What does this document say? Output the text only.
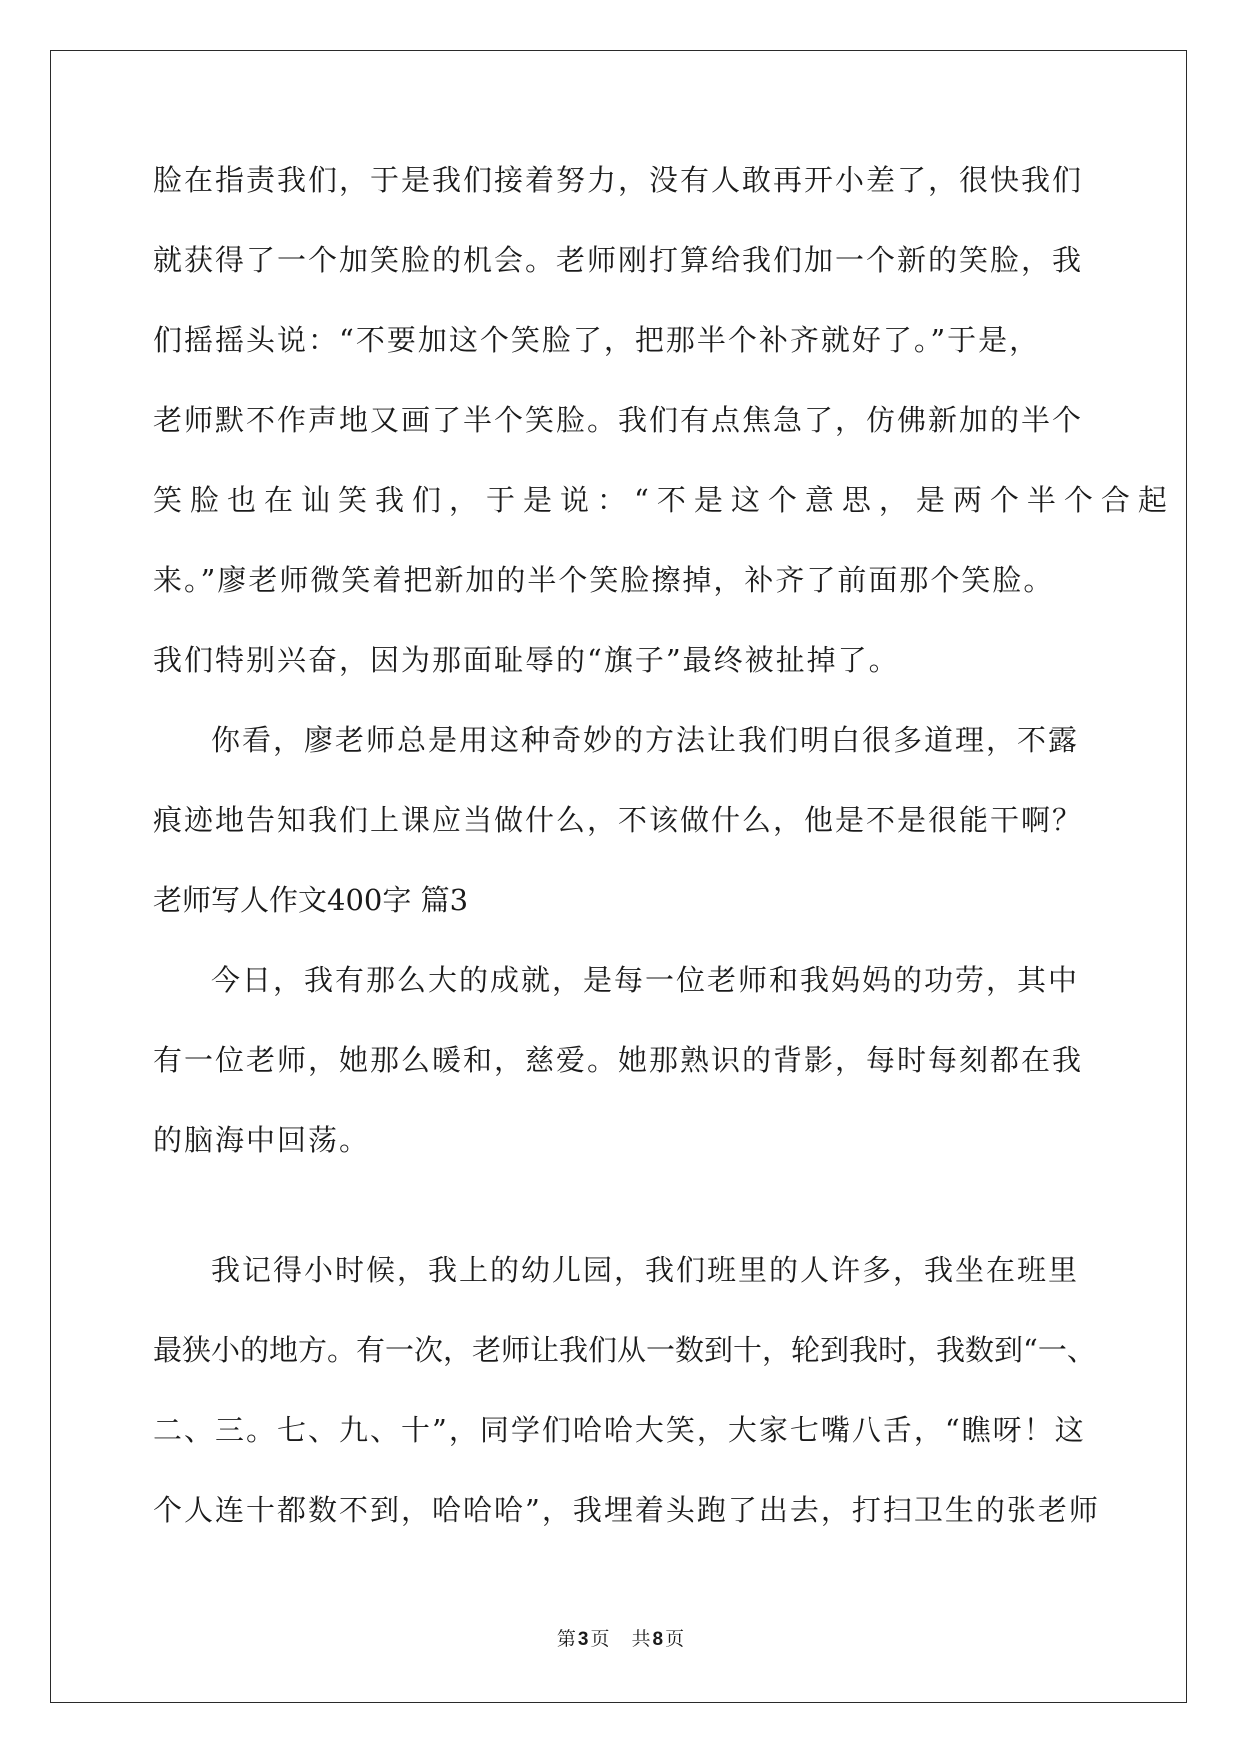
脸在指责我们，于是我们接着努力，没有人敢再开小差了，很快我们
就获得了一个加笑脸的机会。老师刚打算给我们加一个新的笑脸，我
们摇摇头说：“不要加这个笑脸了，把那半个补齐就好了。”于是，
老师默不作声地又画了半个笑脸。我们有点焦急了，仿佛新加的半个
笑脸也在讪笑我们，于是说：“不是这个意思，是两个半个合起
来。”廖老师微笑着把新加的半个笑脸擦掉，补齐了前面那个笑脸。
我们特别兴奋，因为那面耻辱的“旗子”最终被扯掉了。
你看，廖老师总是用这种奇妙的方法让我们明白很多道理，不露
痕迹地告知我们上课应当做什么，不该做什么，他是不是很能干啊？
老师写人作文400字 篇3
今日，我有那么大的成就，是每一位老师和我妈妈的功劳，其中
有一位老师，她那么暖和，慈爱。她那熟识的背影，每时每刻都在我
的脑海中回荡。
我记得小时候，我上的幼儿园，我们班里的人许多，我坐在班里
最狭小的地方。有一次，老师让我们从一数到十，轮到我时，我数到“一、
二、三。七、九、十”，同学们哈哈大笑，大家七嘴八舌，“瞧呀！这
个人连十都数不到，哈哈哈”，我埋着头跑了出去，打扫卫生的张老师
第 3 页 共 8 页
